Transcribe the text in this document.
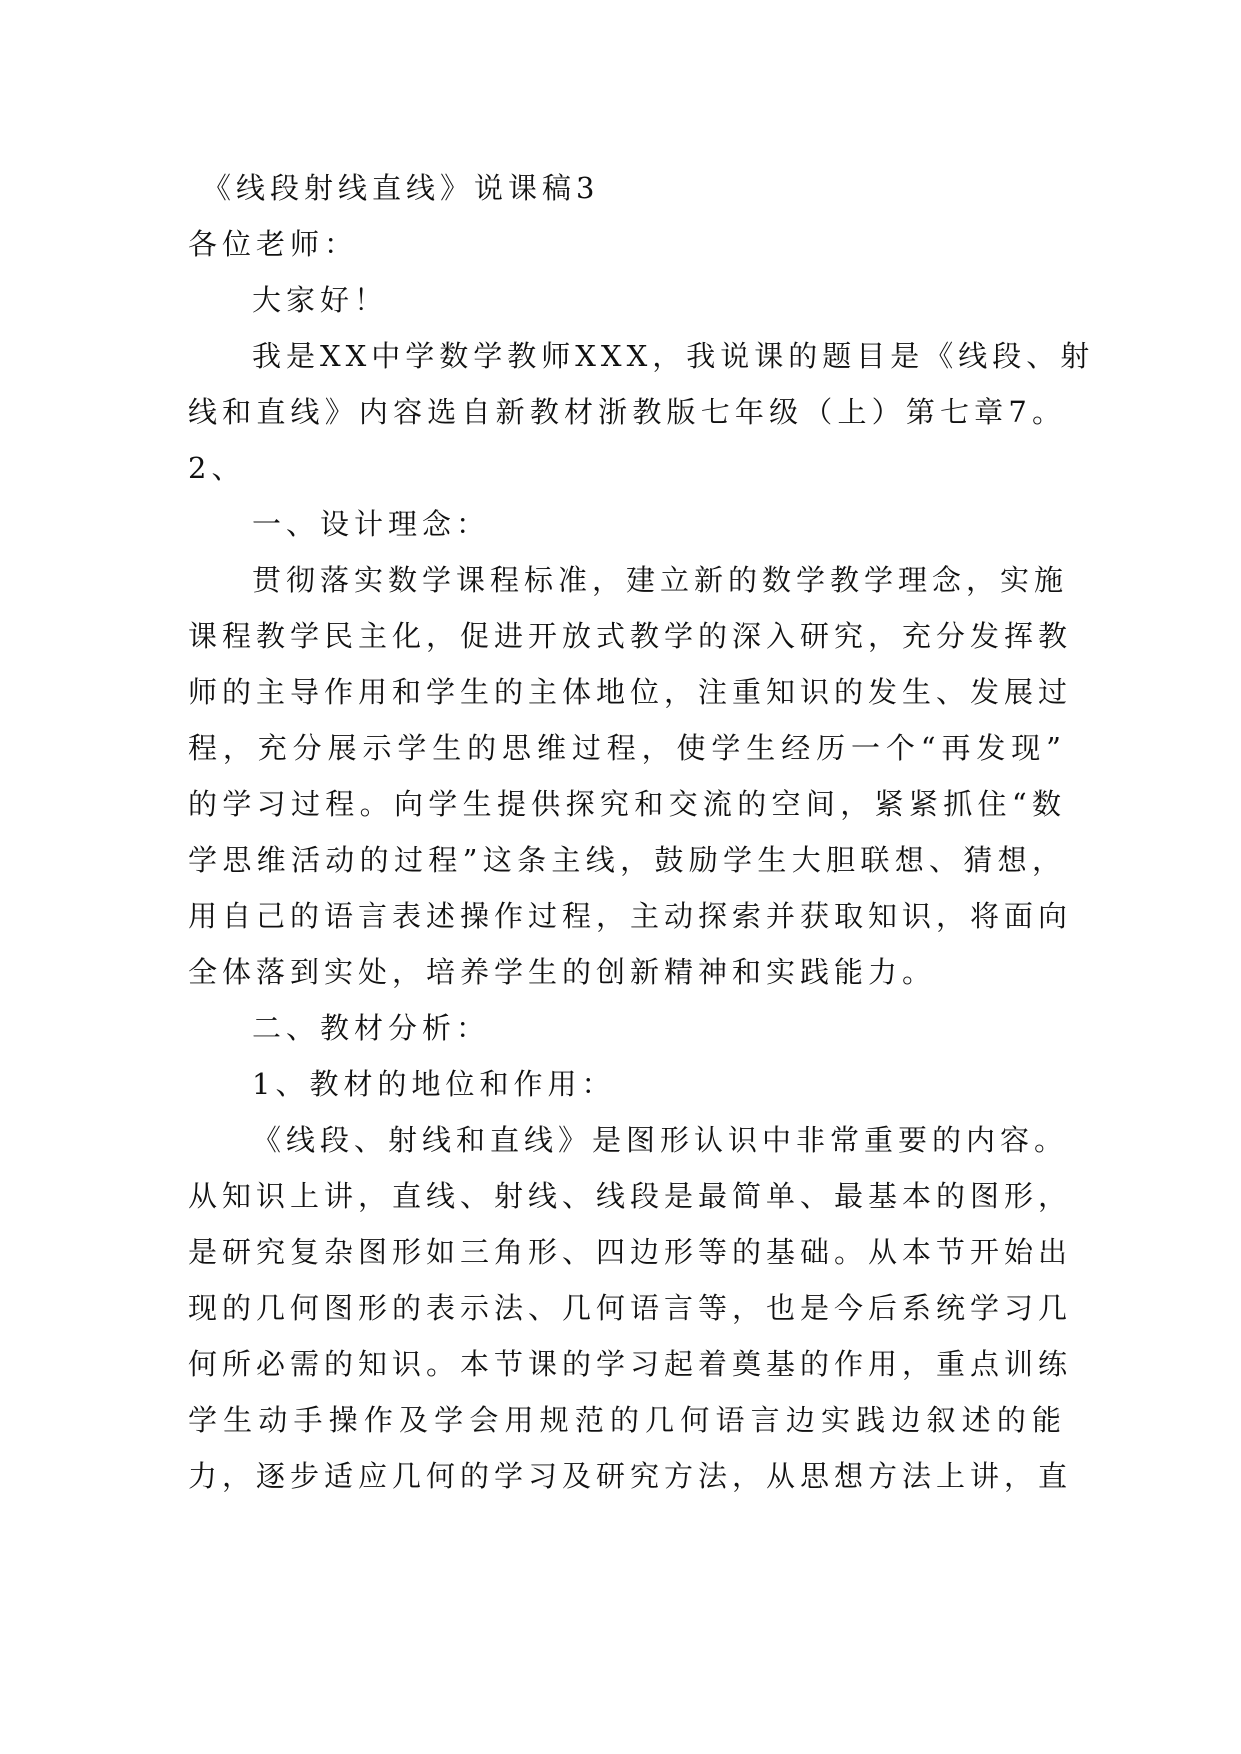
《线段射线直线》说课稿3

各位老师：

大家好！

我是XX中学数学教师XXX，我说课的题目是《线段、射

线和直线》内容选自新教材浙教版七年级（上）第七章7。

2、

一、设计理念：

贯彻落实数学课程标准，建立新的数学教学理念，实施

课程教学民主化，促进开放式教学的深入研究，充分发挥教

师的主导作用和学生的主体地位，注重知识的发生、发展过

程，充分展示学生的思维过程，使学生经历一个“再发现”

的学习过程。向学生提供探究和交流的空间，紧紧抓住“数

学思维活动的过程”这条主线，鼓励学生大胆联想、猜想，

用自己的语言表述操作过程，主动探索并获取知识，将面向

全体落到实处，培养学生的创新精神和实践能力。

二、教材分析：

1、教材的地位和作用：

《线段、射线和直线》是图形认识中非常重要的内容。

从知识上讲，直线、射线、线段是最简单、最基本的图形，

是研究复杂图形如三角形、四边形等的基础。从本节开始出

现的几何图形的表示法、几何语言等，也是今后系统学习几

何所必需的知识。本节课的学习起着奠基的作用，重点训练

学生动手操作及学会用规范的几何语言边实践边叙述的能

力，逐步适应几何的学习及研究方法，从思想方法上讲，直
